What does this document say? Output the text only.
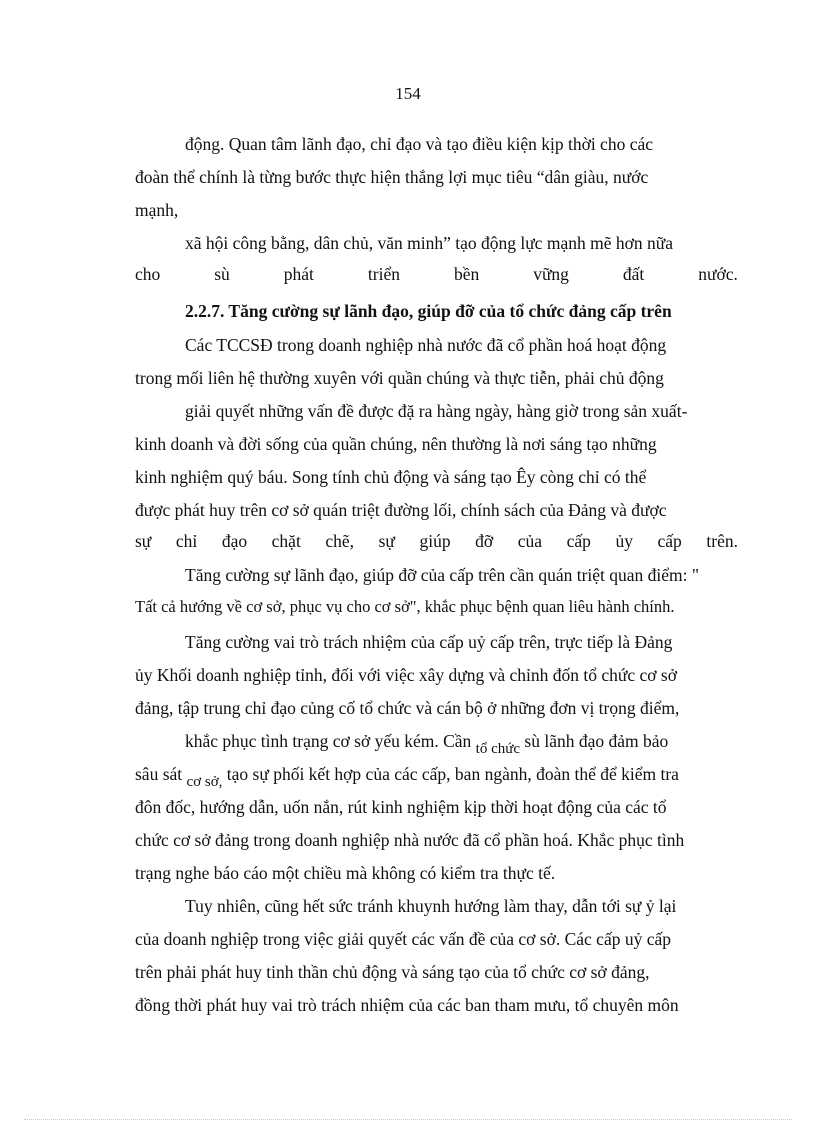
154
động. Quan tâm lãnh đạo, chỉ đạo và tạo điều kiện kịp thời cho các
đoàn thể chính là từng bước thực hiện thắng lợi mục tiêu “dân giàu, nước
mạnh,
xã hội công bằng, dân chủ, văn minh” tạo động lực mạnh mẽ hơn nữa
cho	sù	phát	triển	bền	vững	đất	nước.
2.2.7. Tăng cường sự lãnh đạo, giúp đỡ của tổ chức đảng cấp trên
Các TCCSĐ trong doanh nghiệp nhà nước đã cổ phần hoá hoạt động
trong mối liên hệ thường xuyên với quần chúng và thực tiễn, phải chủ động
giải quyết những vấn đề được đặ ra hàng ngày, hàng giờ trong sản xuất-
kinh doanh và đời sống của quần chúng, nên thường là nơi sáng tạo những
kinh nghiệm quý báu. Song tính chủ động và sáng tạo Êy còng chỉ có thể
được phát huy trên cơ sở quán triệt đường lối, chính sách của Đảng và được
sự chỉ đạo chặt chẽ, sự giúp đỡ của cấp ủy cấp trên.
Tăng cường sự lãnh đạo, giúp đỡ của cấp trên cần quán triệt quan điểm: "
Tất cả hướng về cơ sở, phục vụ cho cơ sở", khắc phục bệnh quan liêu hành chính.
Tăng cường vai trò trách nhiệm của cấp uỷ cấp trên, trực tiếp là Đảng
ủy Khối doanh nghiệp tỉnh, đối với việc xây dựng và chỉnh đốn tổ chức cơ sở
đảng, tập trung chỉ đạo củng cố tổ chức và cán bộ ở những đơn vị trọng điểm,
khắc phục tình trạng cơ sở yếu kém. Cần tổ chức sù lãnh đạo đảm bảo
sâu sát cơ sở, tạo sự phối kết hợp của các cấp, ban ngành, đoàn thể để kiểm tra
đôn đốc, hướng dẫn, uốn nắn, rút kinh nghiệm kịp thời hoạt động của các tổ
chức cơ sở đảng trong doanh nghiệp nhà nước đã cổ phần hoá. Khắc phục tình
trạng nghe báo cáo một chiều mà không có kiểm tra thực tế.
Tuy nhiên, cũng hết sức tránh khuynh hướng làm thay, dẫn tới sự ỷ lại
của doanh nghiệp trong việc giải quyết các vấn đề của cơ sở. Các cấp uỷ cấp
trên phải phát huy tinh thần chủ động và sáng tạo của tổ chức cơ sở đảng,
đồng thời phát huy vai trò trách nhiệm của các ban tham mưu, tổ chuyên môn
